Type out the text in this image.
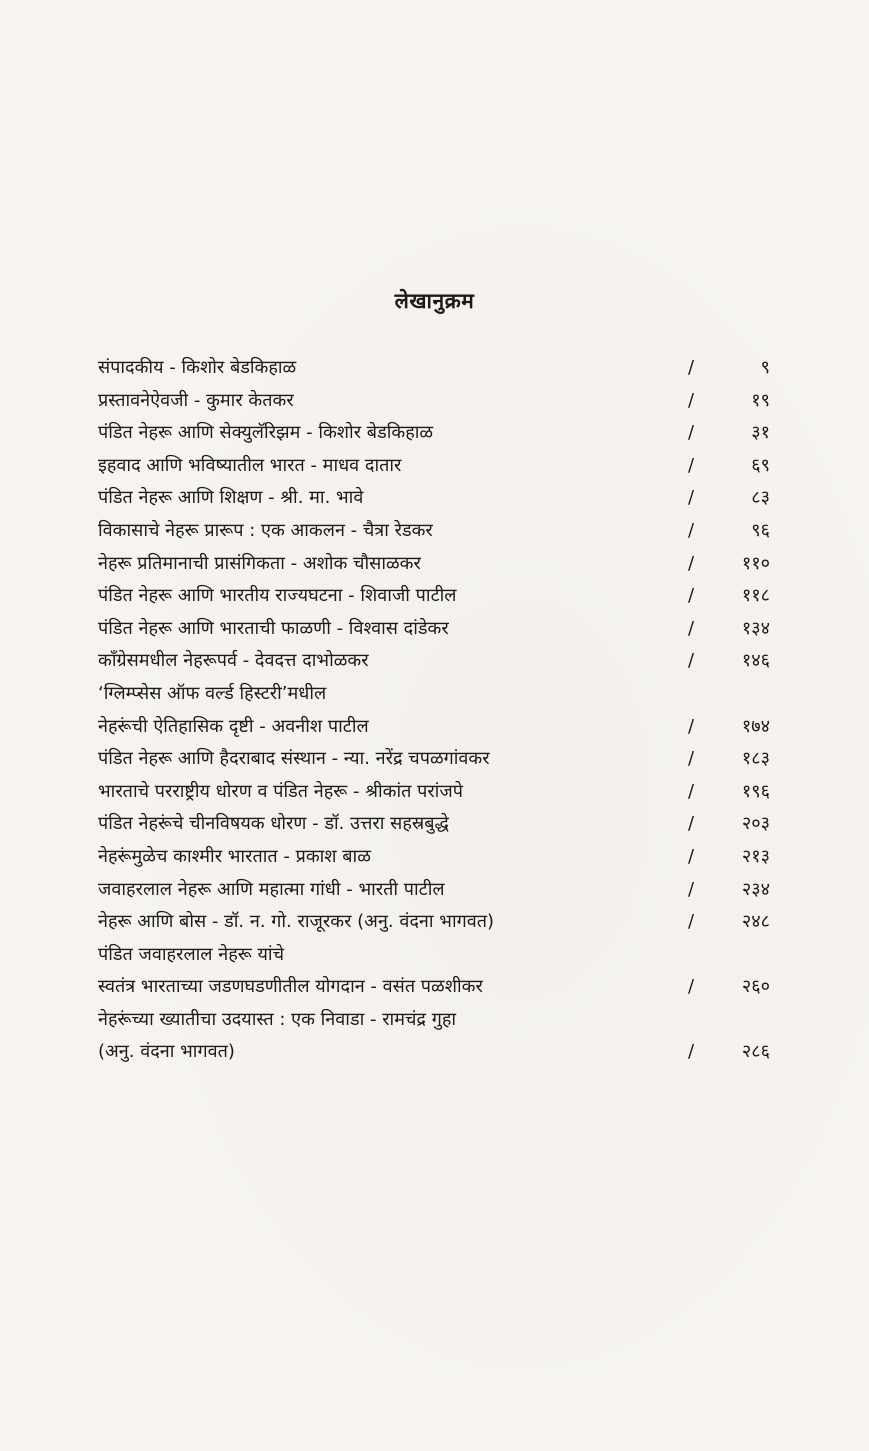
लेखानुक्रम
संपादकीय - किशोर बेडकिहाळ	/	९
प्रस्तावनेऐवजी - कुमार केतकर	/	१९
पंडित नेहरू आणि सेक्युलॅरिझम - किशोर बेडकिहाळ	/	३१
इहवाद आणि भविष्यातील भारत - माधव दातार	/	६९
पंडित नेहरू आणि शिक्षण - श्री. मा. भावे	/	८३
विकासाचे नेहरू प्रारूप : एक आकलन - चैत्रा रेडकर	/	९६
नेहरू प्रतिमानाची प्रासंगिकता - अशोक चौसाळकर	/	११०
पंडित नेहरू आणि भारतीय राज्यघटना - शिवाजी पाटील	/	११८
पंडित नेहरू आणि भारताची फाळणी - विश्वास दांडेकर	/	१३४
काँग्रेसमधील नेहरूपर्व - देवदत्त दाभोळकर	/	१४६
‘ग्लिम्प्सेस ऑफ वर्ल्ड हिस्टरी’मधील
नेहरूंची ऐतिहासिक दृष्टी - अवनीश पाटील	/	१७४
पंडित नेहरू आणि हैदराबाद संस्थान - न्या. नरेंद्र चपळगांवकर	/	१८३
भारताचे परराष्ट्रीय धोरण व पंडित नेहरू - श्रीकांत परांजपे	/	१९६
पंडित नेहरूंचे चीनविषयक धोरण - डॉ. उत्तरा सहस्रबुद्धे	/	२०३
नेहरूंमुळेच काश्मीर भारतात - प्रकाश बाळ	/	२१३
जवाहरलाल नेहरू आणि महात्मा गांधी - भारती पाटील	/	२३४
नेहरू आणि बोस - डॉ. न. गो. राजूरकर (अनु. वंदना भागवत)	/	२४८
पंडित जवाहरलाल नेहरू यांचे
स्वतंत्र भारताच्या जडणघडणीतील योगदान - वसंत पळशीकर	/	२६०
नेहरूंच्या ख्यातीचा उदयास्त : एक निवाडा - रामचंद्र गुहा
(अनु. वंदना भागवत)	/	२८६
